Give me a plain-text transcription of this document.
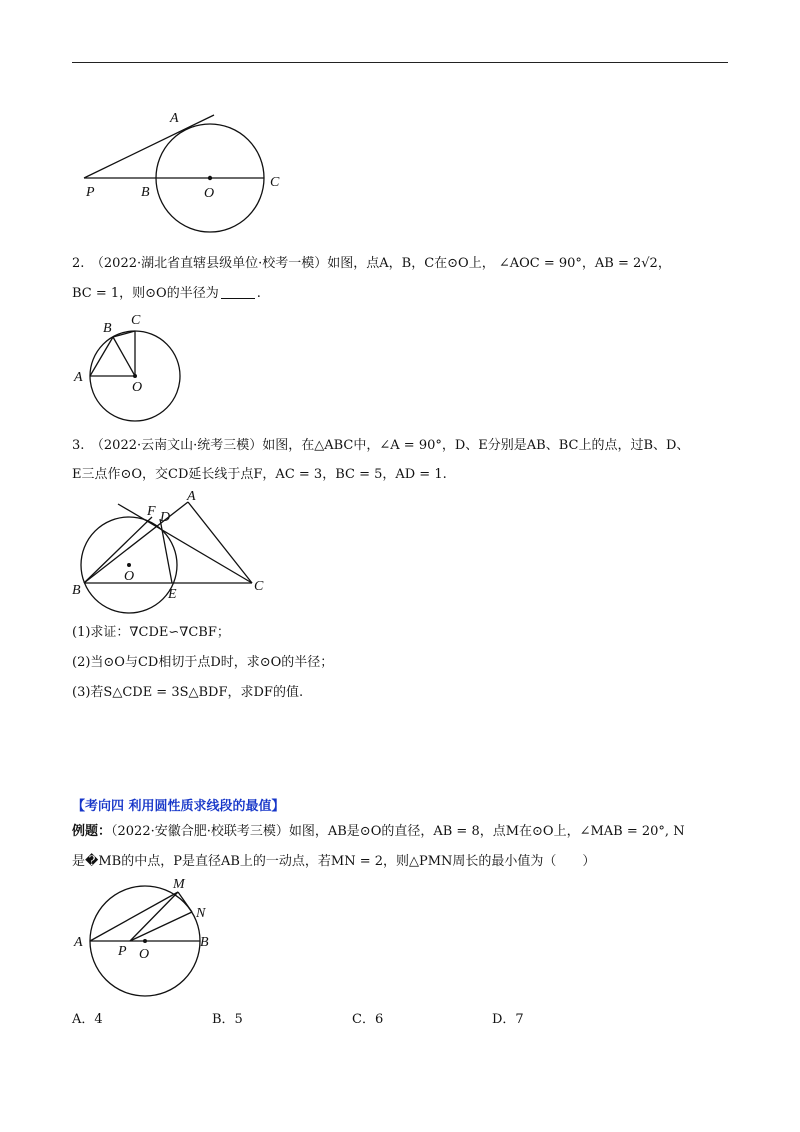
A
P	B	O
C
2.　（2022·湖北省直辖县级单位·校考一模）如图，点A，B，C在⊙O上， ∠AOC = 90°，AB = 2√2，
BC = 1，则⊙O的半径为	.
B
C
A
O
3.　（2022·云南文山·统考三模）如图，在△ABC中，∠A = 90°，D、E分别是AB、BC上的点，过B、D、
E三点作⊙O，交CD延长线于点F，AC = 3，BC = 5，AD = 1.
F D
A
B
O
E
C
(1)求证：∇CDE∽∇CBF；
(2)当⊙O与CD相切于点D时，求⊙O的半径；
(3)若S△CDE = 3S△BDF，求DF的值.
【考向四 利用圆性质求线段的最值】
例题：（2022·安徽合肥·校联考三模）如图，AB是⊙O的直径，AB = 8，点M在⊙O上，∠MAB = 20°, N
是�MB的中点，P是直径AB上的一动点，若MN = 2，则△PMN周长的最小值为（　　）
M
N
A
P O
B
A．4	B．5	C．6	D．7
